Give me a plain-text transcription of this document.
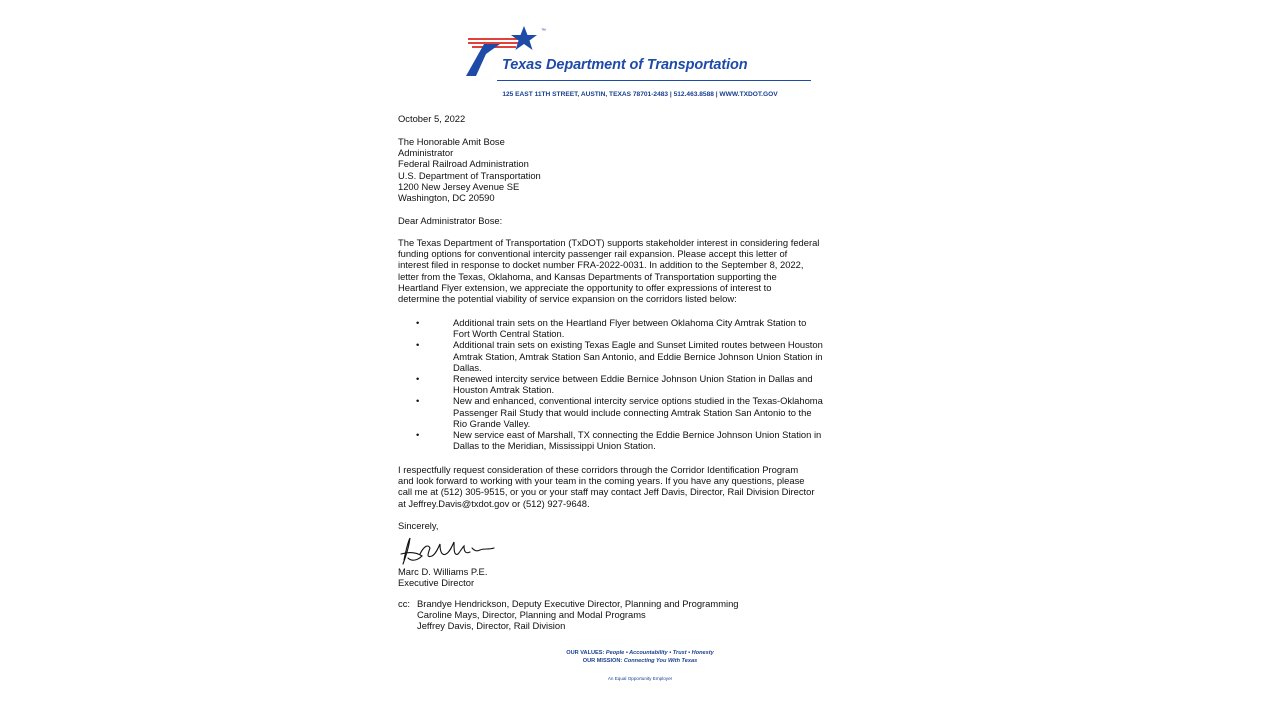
™
Texas Department of Transportation
125 EAST 11TH STREET, AUSTIN, TEXAS 78701-2483 | 512.463.8588 | WWW.TXDOT.GOV
October 5, 2022
The Honorable Amit Bose
Administrator
Federal Railroad Administration
U.S. Department of Transportation
1200 New Jersey Avenue SE
Washington, DC 20590
Dear Administrator Bose:
The Texas Department of Transportation (TxDOT) supports stakeholder interest in considering federal
funding options for conventional intercity passenger rail expansion. Please accept this letter of
interest filed in response to docket number FRA-2022-0031. In addition to the September 8, 2022,
letter from the Texas, Oklahoma, and Kansas Departments of Transportation supporting the
Heartland Flyer extension, we appreciate the opportunity to offer expressions of interest to
determine the potential viability of service expansion on the corridors listed below:
•	Additional train sets on the Heartland Flyer between Oklahoma City Amtrak Station to
Fort Worth Central Station.
•	Additional train sets on existing Texas Eagle and Sunset Limited routes between Houston
Amtrak Station, Amtrak Station San Antonio, and Eddie Bernice Johnson Union Station in
Dallas.
•	Renewed intercity service between Eddie Bernice Johnson Union Station in Dallas and
Houston Amtrak Station.
•	New and enhanced, conventional intercity service options studied in the Texas-Oklahoma
Passenger Rail Study that would include connecting Amtrak Station San Antonio to the
Rio Grande Valley.
•	New service east of Marshall, TX connecting the Eddie Bernice Johnson Union Station in
Dallas to the Meridian, Mississippi Union Station.
I respectfully request consideration of these corridors through the Corridor Identification Program
and look forward to working with your team in the coming years. If you have any questions, please
call me at (512) 305-9515, or you or your staff may contact Jeff Davis, Director, Rail Division Director
at Jeffrey.Davis@txdot.gov or (512) 927-9648.
Sincerely,
Marc D. Williams P.E.
Executive Director
cc: Brandye Hendrickson, Deputy Executive Director, Planning and Programming
Caroline Mays, Director, Planning and Modal Programs
Jeffrey Davis, Director, Rail Division
OUR VALUES: People • Accountability • Trust • Honesty
OUR MISSION: Connecting You With Texas
An Equal Opportunity Employer
